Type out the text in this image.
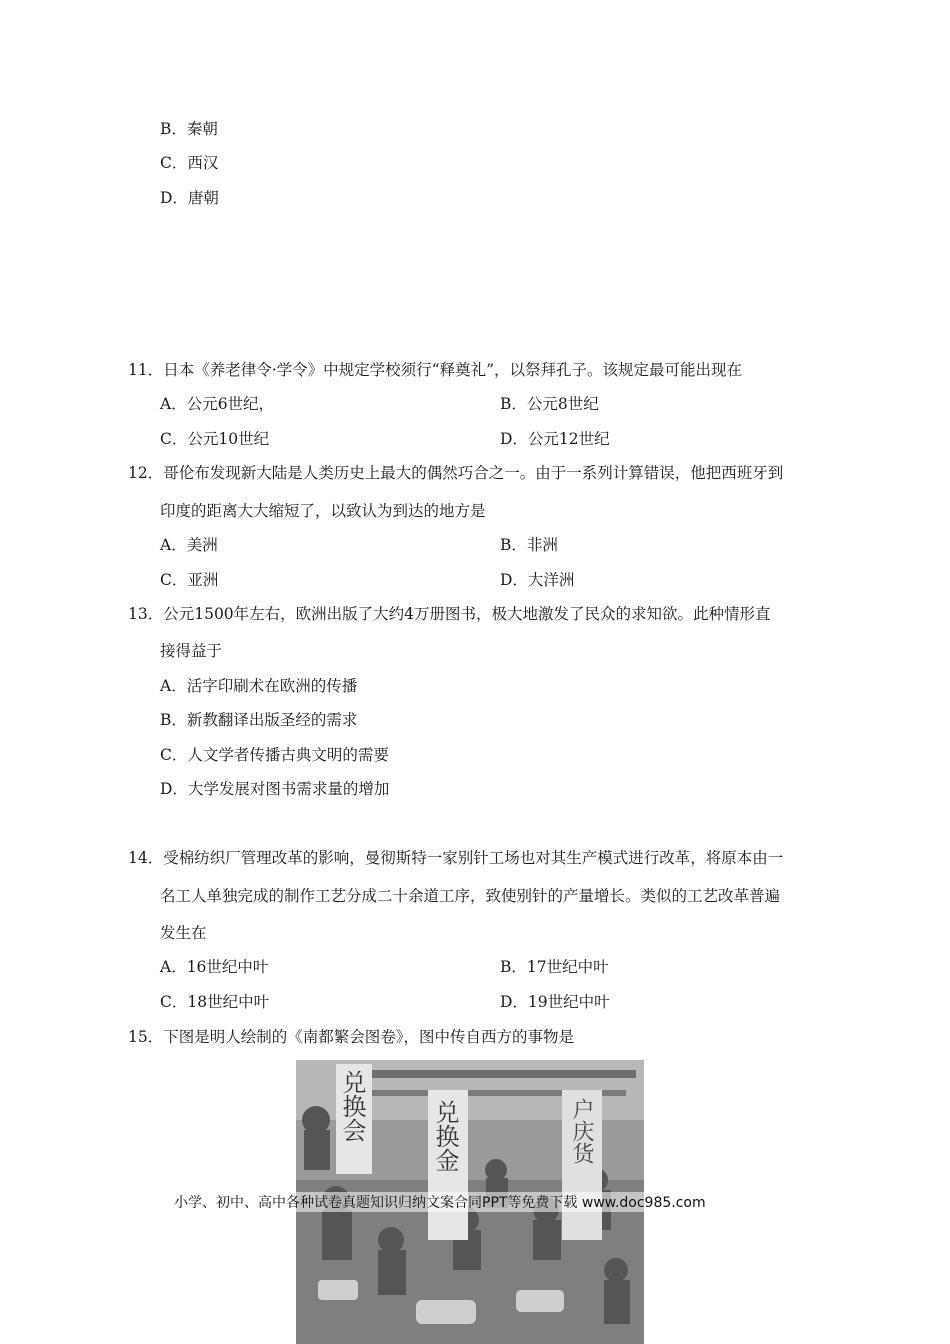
B．秦朝
C．西汉
D．唐朝
11．日本《养老律令·学令》中规定学校须行“释奠礼”，以祭拜孔子。该规定最可能出现在
A．公元6世纪，	B．公元8世纪
C．公元10世纪	D．公元12世纪
12．哥伦布发现新大陆是人类历史上最大的偶然巧合之一。由于一系列计算错误，他把西班牙到
印度的距离大大缩短了，以致认为到达的地方是
A．美洲	B．非洲
C．亚洲	D．大洋洲
13．公元1500年左右，欧洲出版了大约4万册图书，极大地激发了民众的求知欲。此种情形直
接得益于
A．活字印刷术在欧洲的传播
B．新教翻译出版圣经的需求
C．人文学者传播古典文明的需要
D．大学发展对图书需求量的增加
14．受棉纺织厂管理改革的影响，曼彻斯特一家别针工场也对其生产模式进行改革，将原本由一
名工人单独完成的制作工艺分成二十余道工序，致使别针的产量增长。类似的工艺改革普遍
发生在
A．16世纪中叶	B．17世纪中叶
C．18世纪中叶	D．19世纪中叶
15．下图是明人绘制的《南都繁会图卷》，图中传自西方的事物是
兑换会	兑换金	户庆货
小学、初中、高中各种试卷真题知识归纳文案合同PPT等免费下载 www.doc985.com
